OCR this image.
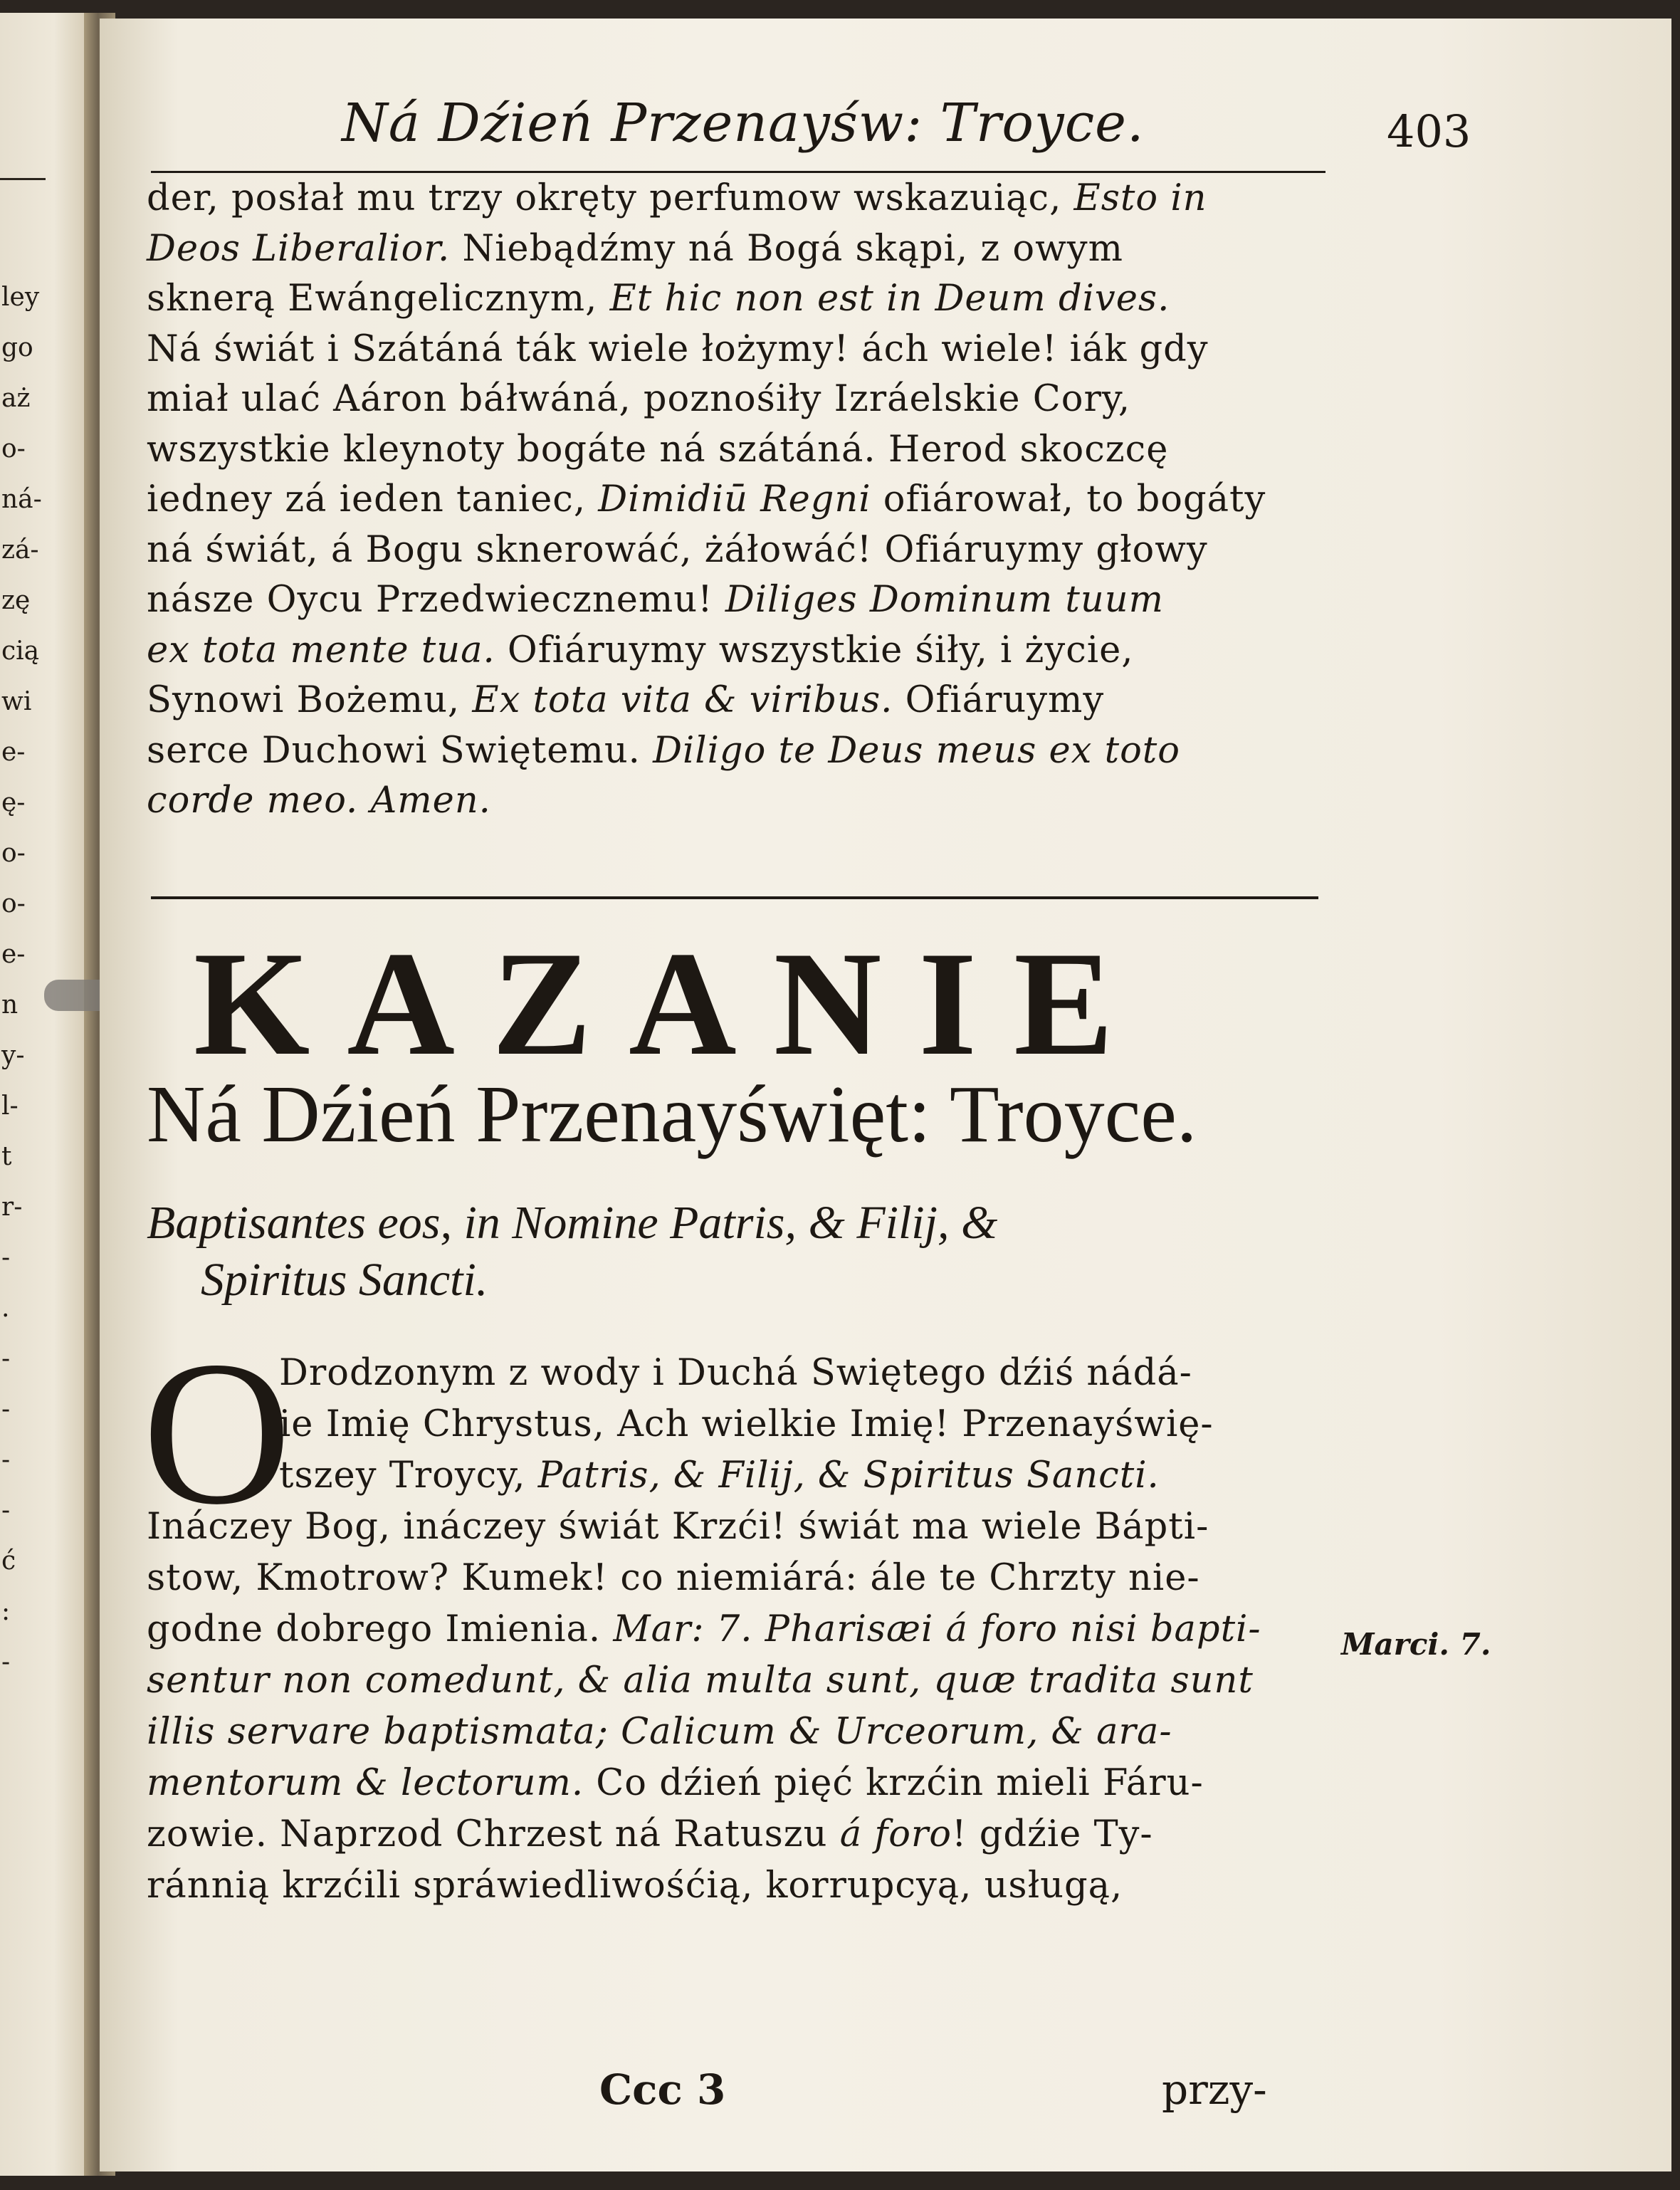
ley
go
aż
o-
ná-
zá-
zę
cią
wi
e-
ę-
o-
o-
e-
n
y-
l-
t
r-
-
.
-
-
-
-
ć
:
-
Ná Dźień Przenayśw: Troyce.	403
der, posłał mu trzy okręty perfumow wskazuiąc, Esto in
Deos Liberalior. Niebądźmy ná Bogá skąpi, z owym
sknerą Ewángelicznym, Et hic non est in Deum dives.
Ná świát i Szátáná ták wiele łożymy! ách wiele! iák gdy
miał ulać Aáron báłwáná, poznośiły Izráelskie Cory,
wszystkie kleynoty bogáte ná szátáná. Herod skoczcę
iedney zá ieden taniec, Dimidiū Regni ofiárował, to bogáty
ná świát, á Bogu sknerowáć, żáłowáć! Ofiáruymy głowy
násze Oycu Przedwiecznemu! Diliges Dominum tuum
ex tota mente tua. Ofiáruymy wszystkie śiły, i życie,
Synowi Bożemu, Ex tota vita & viribus. Ofiáruymy
serce Duchowi Swiętemu. Diligo te Deus meus ex toto
corde meo. Amen.
KAZANIE
Ná Dźień Przenayświęt: Troyce.
Baptisantes eos, in Nomine Patris, & Filij, &
Spiritus Sancti.
O
Drodzonym z wody i Duchá Swiętego dźiś nádá-
ie Imię Chrystus, Ach wielkie Imię! Przenayświę-
tszey Troycy, Patris, & Filij, & Spiritus Sancti.
Ináczey Bog, ináczey świát Krzći! świát ma wiele Bápti-
stow, Kmotrow? Kumek! co niemiárá: ále te Chrzty nie-
godne dobrego Imienia. Mar: 7. Pharisæi á foro nisi bapti-
sentur non comedunt, & alia multa sunt, quæ tradita sunt
illis servare baptismata; Calicum & Urceorum, & ara-
mentorum & lectorum. Co dźień pięć krzćin mieli Fáru-
zowie. Naprzod Chrzest ná Ratuszu á foro! gdźie Ty-
ránnią krzćili spráwiedliwośćią, korrupcyą, usługą,
Marci. 7.
Ccc 3	przy-
